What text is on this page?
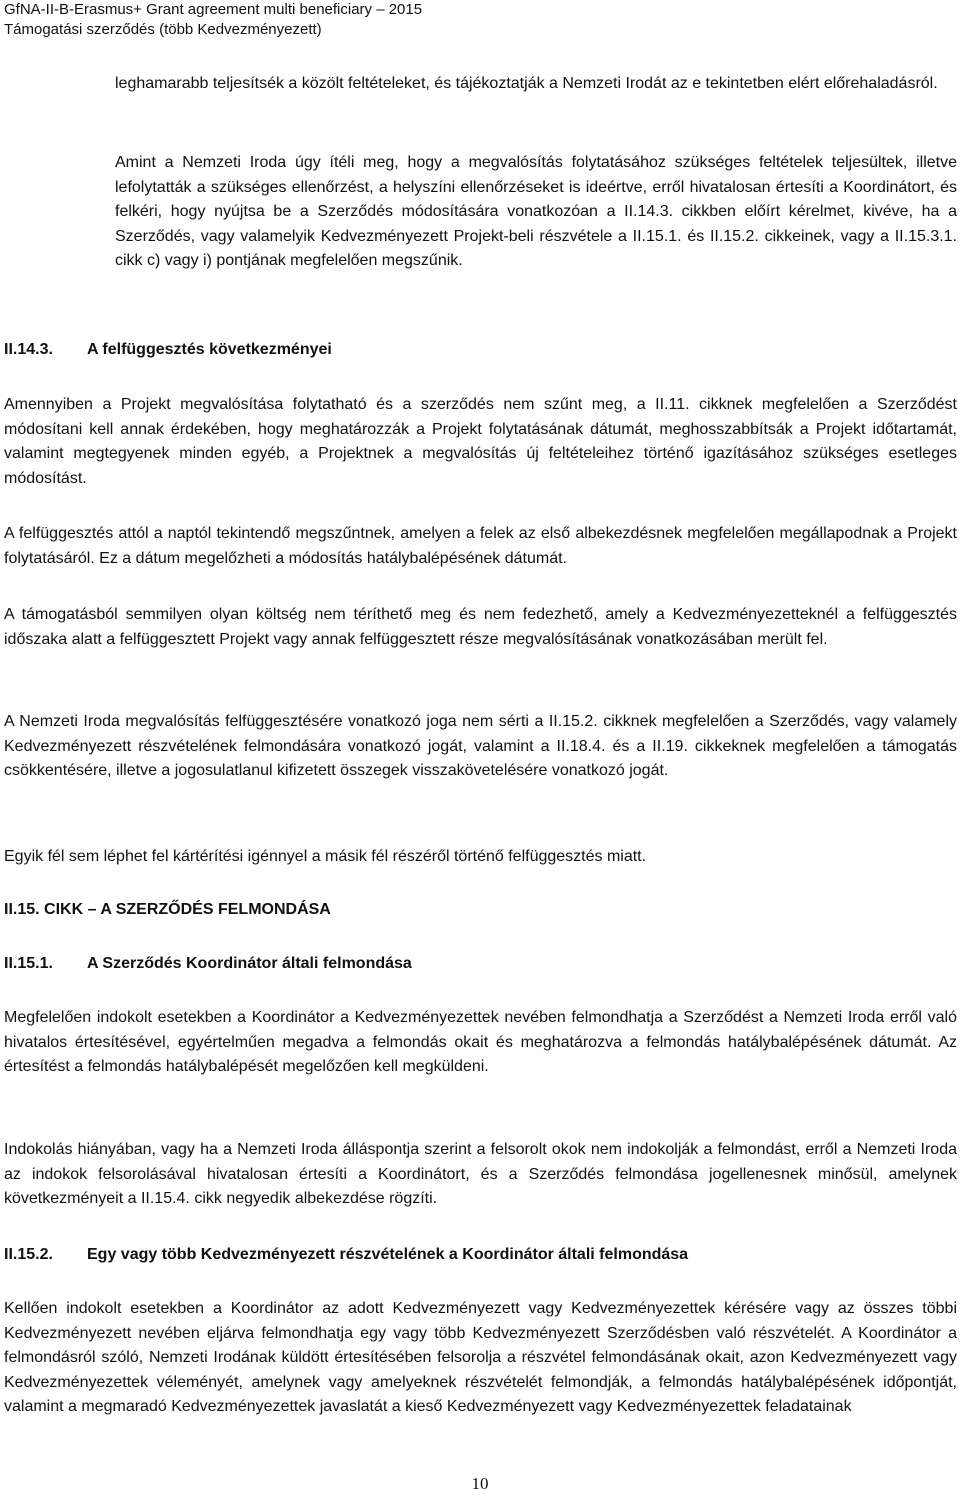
GfNA-II-B-Erasmus+ Grant agreement multi beneficiary – 2015
Támogatási szerződés (több Kedvezményezett)
leghamarabb teljesítsék a közölt feltételeket, és tájékoztatják a Nemzeti Irodát az e tekintetben elért előrehaladásról.
Amint a Nemzeti Iroda úgy ítéli meg, hogy a megvalósítás folytatásához szükséges feltételek teljesültek, illetve lefolytatták a szükséges ellenőrzést, a helyszíni ellenőrzéseket is ideértve, erről hivatalosan értesíti a Koordinátort, és felkéri, hogy nyújtsa be a Szerződés módosítására vonatkozóan a II.14.3. cikkben előírt kérelmet, kivéve, ha a Szerződés, vagy valamelyik Kedvezményezett Projekt-beli részvétele a II.15.1. és II.15.2. cikkeinek, vagy a II.15.3.1. cikk c) vagy i) pontjának megfelelően megszűnik.
II.14.3. A felfüggesztés következményei
Amennyiben a Projekt megvalósítása folytatható és a szerződés nem szűnt meg, a II.11. cikknek megfelelően a Szerződést módosítani kell annak érdekében, hogy meghatározzák a Projekt folytatásának dátumát, meghosszabbítsák a Projekt időtartamát, valamint megtegyenek minden egyéb, a Projektnek a megvalósítás új feltételeihez történő igazításához szükséges esetleges módosítást.
A felfüggesztés attól a naptól tekintendő megszűntnek, amelyen a felek az első albekezdésnek megfelelően megállapodnak a Projekt folytatásáról. Ez a dátum megelőzheti a módosítás hatálybalépésének dátumát.
A támogatásból semmilyen olyan költség nem téríthető meg és nem fedezhető, amely a Kedvezményezetteknél a felfüggesztés időszaka alatt a felfüggesztett Projekt vagy annak felfüggesztett része megvalósításának vonatkozásában merült fel.
A Nemzeti Iroda megvalósítás felfüggesztésére vonatkozó joga nem sérti a II.15.2. cikknek megfelelően a Szerződés, vagy valamely Kedvezményezett részvételének felmondására vonatkozó jogát, valamint a II.18.4. és a II.19. cikkeknek megfelelően a támogatás csökkentésére, illetve a jogosulatlanul kifizetett összegek visszakövetelésére vonatkozó jogát.
Egyik fél sem léphet fel kártérítési igénnyel a másik fél részéről történő felfüggesztés miatt.
II.15. CIKK – A SZERZŐDÉS FELMONDÁSA
II.15.1. A Szerződés Koordinátor általi felmondása
Megfelelően indokolt esetekben a Koordinátor a Kedvezményezettek nevében felmondhatja a Szerződést a Nemzeti Iroda erről való hivatalos értesítésével, egyértelműen megadva a felmondás okait és meghatározva a felmondás hatálybalépésének dátumát. Az értesítést a felmondás hatálybalépését megelőzően kell megküldeni.
Indokolás hiányában, vagy ha a Nemzeti Iroda álláspontja szerint a felsorolt okok nem indokolják a felmondást, erről a Nemzeti Iroda az indokok felsorolásával hivatalosan értesíti a Koordinátort, és a Szerződés felmondása jogellenesnek minősül, amelynek következményeit a II.15.4. cikk negyedik albekezdése rögzíti.
II.15.2. Egy vagy több Kedvezményezett részvételének a Koordinátor általi felmondása
Kellően indokolt esetekben a Koordinátor az adott Kedvezményezett vagy Kedvezményezettek kérésére vagy az összes többi Kedvezményezett nevében eljárva felmondhatja egy vagy több Kedvezményezett Szerződésben való részvételét. A Koordinátor a felmondásról szóló, Nemzeti Irodának küldött értesítésében felsorolja a részvétel felmondásának okait, azon Kedvezményezett vagy Kedvezményezettek véleményét, amelynek vagy amelyeknek részvételét felmondják, a felmondás hatálybalépésének időpontját, valamint a megmaradó Kedvezményezettek javaslatát a kieső Kedvezményezett vagy Kedvezményezettek feladatainak
10
